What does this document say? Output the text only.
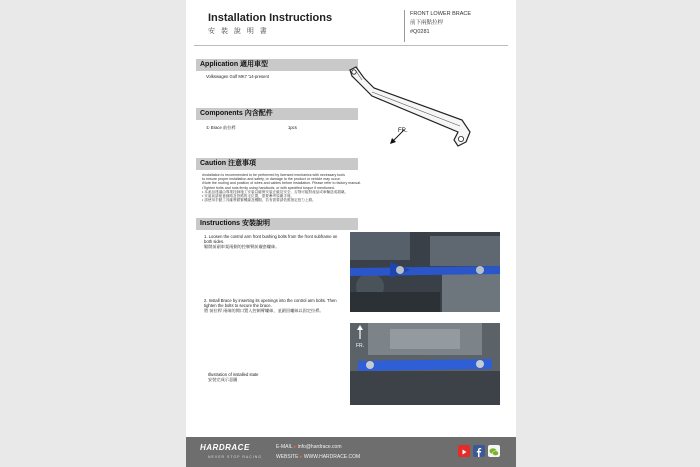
Installation Instructions
安 裝 說 明 書
FRONT LOWER BRACE
前下兩點拉桿
#Q0281
Application 適用車型
Volkswagen Golf MK7 '14-present
FR.
Components 內含配件
① Brace 前拉桿	1pcs
Caution 注意事項
•Installation is recommended to be performed by licensed mechanics with necessary tools
to ensure proper installation and safety, or damage to the product or vehicle may occur.
•Note the routing and position of wires and cables before installation. Please refer to factory manual.
•Tighten bolts and nuts firmly using handtools, or with specified torque if mentioned.
• 本產品建議由專業技師施工安裝以確保安裝正確及安全，否則可能對產品或車輛造成損壞。
• 安裝前請留意線路及管路的走位置，需要參考原廠手冊。
• 請使用手動工具確實鎖緊螺絲及螺帽，若有需要請依照指定扭力上鎖。
Instructions 安裝說明
1. Loosen the control arm front bushing bolts from the front subframe on both sides.
鬆開前副車架兩側的控制臂前襯套螺絲。
2. Install Brace by inserting its openings into the control arm bolts. Then tighten the bolts to secure the brace.
將 前拉桿 兩端的開口置入控制臂螺絲，並鎖回螺絲以固定拉桿。
Illustration of installed state
安裝完成示意圖
FR.
HARDRACE
NEVER STOP RACING
E-MAIL ▸ info@hardrace.com
WEBSITE ▸ WWW.HARDRACE.COM
